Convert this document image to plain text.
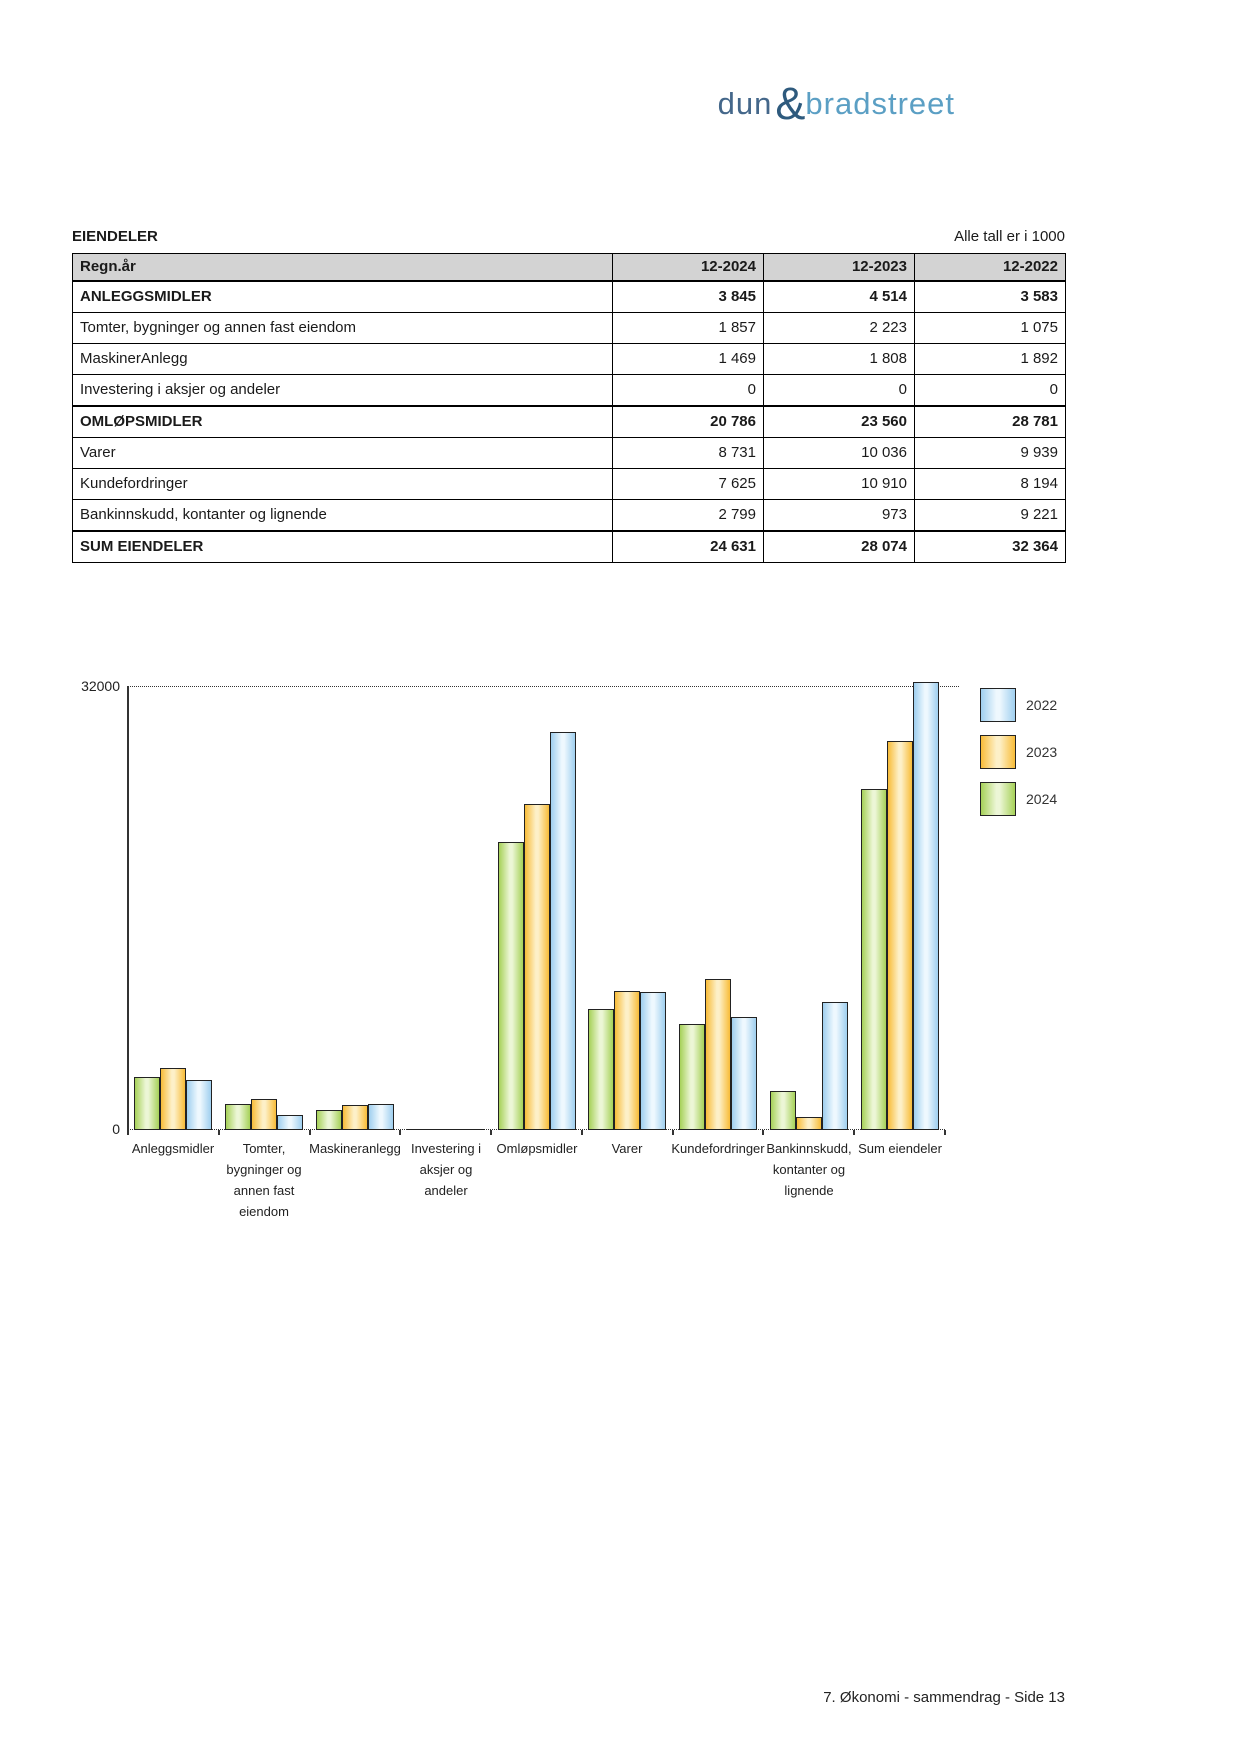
dun&bradstreet
EIENDELER	Alle tall er i 1000
Regn.år	12-2024	12-2023	12-2022
ANLEGGSMIDLER	3 845	4 514	3 583
Tomter, bygninger og annen fast eiendom	1 857	2 223	1 075
MaskinerAnlegg	1 469	1 808	1 892
Investering i aksjer og andeler	0	0	0
OMLØPSMIDLER	20 786	23 560	28 781
Varer	8 731	10 036	9 939
Kundefordringer	7 625	10 910	8 194
Bankinnskudd, kontanter og lignende	2 799	973	9 221
SUM EIENDELER	24 631	28 074	32 364
32000
0
Anleggsmidler	Tomter,
bygninger og
annen fast
eiendom
Maskineranlegg Investering i
aksjer og
andeler
Omløpsmidler	Varer	Kundefordringer Bankinnskudd,
kontanter og
lignende
Sum eiendeler
2022
2023
2024
7. Økonomi - sammendrag - Side 13
